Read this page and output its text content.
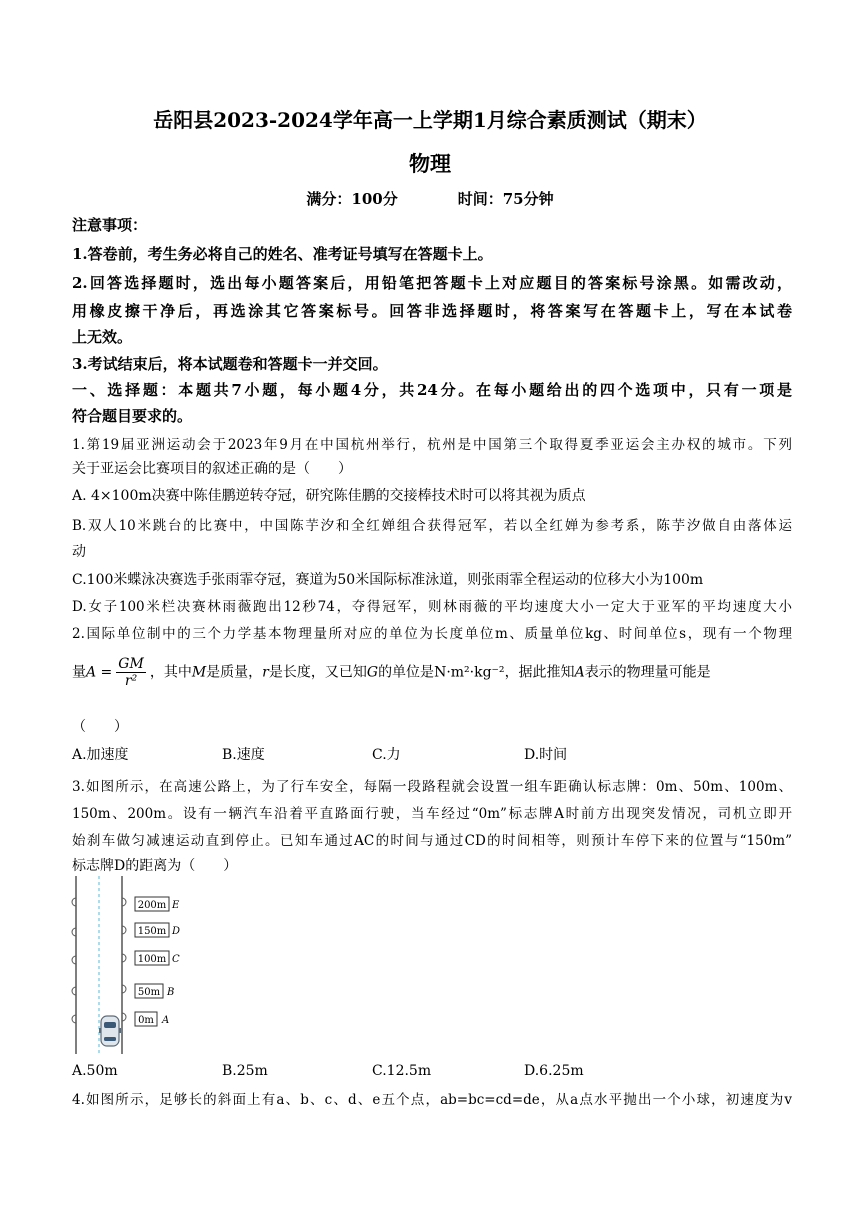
岳阳县2023-2024学年高一上学期1月综合素质测试（期末）
物理
满分：100分	时间：75分钟
注意事项：
1.答卷前，考生务必将自己的姓名、准考证号填写在答题卡上。
2.回答选择题时，选出每小题答案后，用铅笔把答题卡上对应题目的答案标号涂黑。如需改动，
用橡皮擦干净后，再选涂其它答案标号。回答非选择题时，将答案写在答题卡上，写在本试卷
上无效。
3.考试结束后，将本试题卷和答题卡一并交回。
一、选择题：本题共7小题，每小题4分，共24分。在每小题给出的四个选项中，只有一项是
符合题目要求的。
1.第19届亚洲运动会于2023年9月在中国杭州举行，杭州是中国第三个取得夏季亚运会主办权的城市。下列
关于亚运会比赛项目的叙述正确的是（　　）
A. 4×100m决赛中陈佳鹏逆转夺冠，研究陈佳鹏的交接棒技术时可以将其视为质点
B.双人10米跳台的比赛中，中国陈芋汐和全红婵组合获得冠军，若以全红婵为参考系，陈芋汐做自由落体运
动
C.100米蝶泳决赛选手张雨霏夺冠，赛道为50米国际标准泳道，则张雨霏全程运动的位移大小为100m
D.女子100米栏决赛林雨薇跑出12秒74，夺得冠军，则林雨薇的平均速度大小一定大于亚军的平均速度大小
2.国际单位制中的三个力学基本物理量所对应的单位为长度单位m、质量单位kg、时间单位s，现有一个物理
量$A = \frac{GM}{\text{r²}}$ ，其中M是质量，r是长度，又已知G的单位是N·m²·kg⁻²，据此推知A表示的物理量可能是
（　　）
A.加速度	B.速度	C.力	D.时间
3.如图所示，在高速公路上，为了行车安全，每隔一段路程就会设置一组车距确认标志牌：0m、50m、100m、
150m、200m。设有一辆汽车沿着平直路面行驶，当车经过“0m”标志牌A时前方出现突发情况，司机立即开
始刹车做匀减速运动直到停止。已知车通过AC的时间与通过CD的时间相等，则预计车停下来的位置与“150m”
标志牌D的距离为（　　）
200m E
150m D
100m C
50m B
0m A
A.50m	B.25m	C.12.5m	D.6.25m
4.如图所示，足够长的斜面上有a、b、c、d、e五个点，ab=bc=cd=de，从a点水平抛出一个小球，初速度为v
